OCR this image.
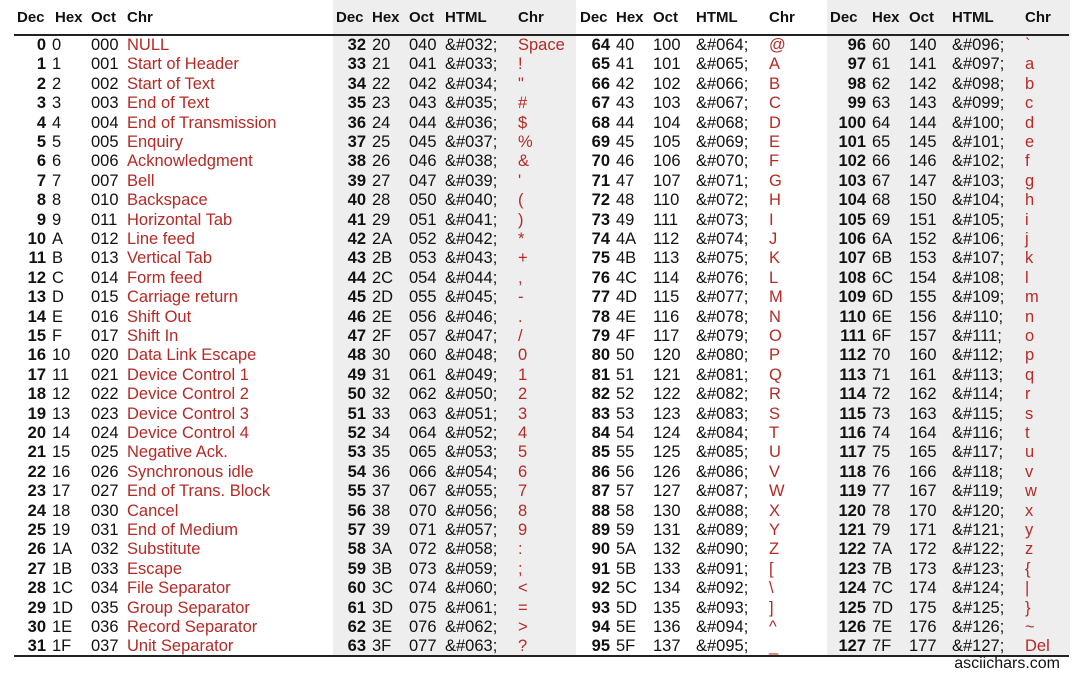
Dec Hex Oct Chr	Dec Hex Oct HTML Chr Dec Hex Oct HTML Chr Dec Hex Oct HTML Chr
0 0	000 NULL	32 20	040 &#032;	Space	64 40	100 &#064;	@	96 60	140 &#096;	`
1 1	001 Start of Header	33 21	041 &#033;	!	65 41	101 &#065;	A	97 61	141 &#097;	a
2 2	002 Start of Text	34 22	042 &#034;	"	66 42	102 &#066;	B	98 62	142 &#098;	b
3 3	003 End of Text	35 23	043 &#035;	#	67 43	103 &#067;	C	99 63	143 &#099;	c
4 4	004 End of Transmission	36 24	044 &#036;	$	68 44	104 &#068;	D	100 64	144 &#100;	d
5 5	005 Enquiry	37 25	045 &#037;	%	69 45	105 &#069;	E	101 65	145 &#101;	e
6 6	006 Acknowledgment	38 26	046 &#038;	&	70 46	106 &#070;	F	102 66	146 &#102;	f
7 7	007 Bell	39 27	047 &#039;	'	71 47	107 &#071;	G	103 67	147 &#103;	g
8 8	010 Backspace	40 28	050 &#040;	(	72 48	110	&#072;	H	104 68	150 &#104;	h
9 9	011 Horizontal Tab	41 29	051 &#041;	)	73 49	111	&#073;	I	105 69	151 &#105;	i
10 A	012 Line feed	42 2A	052 &#042;	*	74 4A	112	&#074;	J	106 6A	152 &#106;	j
11 B	013 Vertical Tab	43 2B	053 &#043;	+	75 4B	113	&#075;	K	107 6B	153 &#107;	k
12 C	014 Form feed	44 2C 054 &#044;	,	76 4C 114	&#076;	L	108 6C 154 &#108;	l
13 D	015 Carriage return	45 2D 055 &#045;	-	77 4D 115	&#077;	M	109 6D 155 &#109;	m
14 E	016 Shift Out	46 2E	056 &#046;	.	78 4E	116	&#078;	N	110 6E	156 &#110;	n
15 F	017 Shift In	47 2F	057 &#047;	/	79 4F	117	&#079;	O	111 6F	157 &#111;	o
16 10	020 Data Link Escape	48 30	060 &#048;	0	80 50	120 &#080;	P	112 70	160 &#112;	p
17 11	021 Device Control 1	49 31	061 &#049;	1	81 51	121 &#081;	Q	113 71	161 &#113;	q
18 12	022 Device Control 2	50 32	062 &#050;	2	82 52	122 &#082;	R	114 72	162 &#114;	r
19 13	023 Device Control 3	51 33	063 &#051;	3	83 53	123 &#083;	S	115 73	163 &#115;	s
20 14	024 Device Control 4	52 34	064 &#052;	4	84 54	124 &#084;	T	116 74	164 &#116;	t
21 15	025 Negative Ack.	53 35	065 &#053;	5	85 55	125 &#085;	U	117 75	165 &#117;	u
22 16	026 Synchronous idle	54 36	066 &#054;	6	86 56	126 &#086;	V	118 76	166 &#118;	v
23 17	027 End of Trans. Block	55 37	067 &#055;	7	87 57	127 &#087;	W	119 77	167 &#119;	w
24 18	030 Cancel	56 38	070 &#056;	8	88 58	130 &#088;	X	120 78	170 &#120;	x
25 19	031 End of Medium	57 39	071 &#057;	9	89 59	131 &#089;	Y	121 79	171 &#121;	y
26 1A	032 Substitute	58 3A	072 &#058;	:	90 5A	132 &#090;	Z	122 7A	172 &#122;	z
27 1B	033 Escape	59 3B	073 &#059;	;	91 5B	133 &#091;	[	123 7B	173 &#123;	{
28 1C	034 File Separator	60 3C 074 &#060;	<	92 5C 134 &#092;	\	124 7C 174 &#124;	|
29 1D	035 Group Separator	61 3D 075 &#061;	=	93 5D 135 &#093;	]	125 7D 175 &#125;	}
30 1E	036 Record Separator	62 3E	076 &#062;	>	94 5E	136 &#094;	^	126 7E	176 &#126;	~
31 1F	037 Unit Separator	63 3F	077 &#063;	?	95 5F	137 &#095;	_	127 7F	177 &#127;	Del
asciichars.com
